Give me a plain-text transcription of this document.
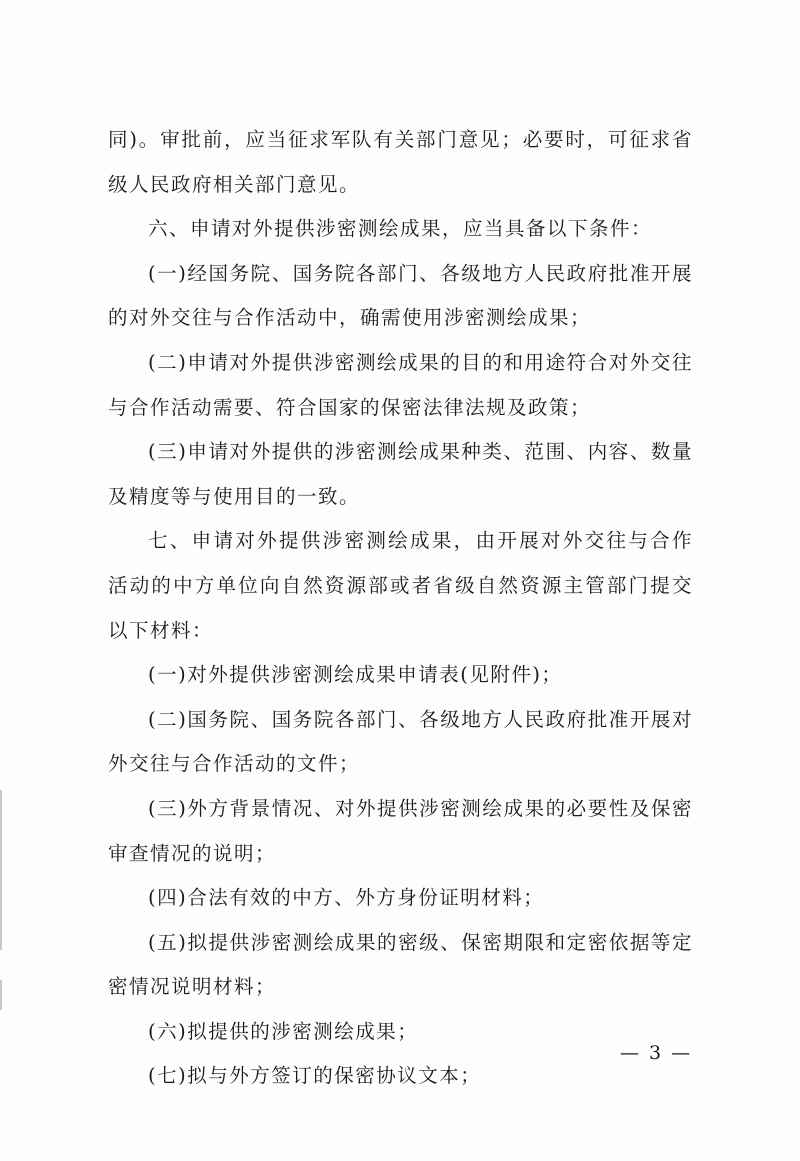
同)。审批前，应当征求军队有关部门意见；必要时，可征求省级人民政府相关部门意见。

六、申请对外提供涉密测绘成果，应当具备以下条件：

(一)经国务院、国务院各部门、各级地方人民政府批准开展的对外交往与合作活动中，确需使用涉密测绘成果；

(二)申请对外提供涉密测绘成果的目的和用途符合对外交往与合作活动需要、符合国家的保密法律法规及政策；

(三)申请对外提供的涉密测绘成果种类、范围、内容、数量及精度等与使用目的一致。

七、申请对外提供涉密测绘成果，由开展对外交往与合作活动的中方单位向自然资源部或者省级自然资源主管部门提交以下材料：

(一)对外提供涉密测绘成果申请表(见附件)；

(二)国务院、国务院各部门、各级地方人民政府批准开展对外交往与合作活动的文件；

(三)外方背景情况、对外提供涉密测绘成果的必要性及保密审查情况的说明；

(四)合法有效的中方、外方身份证明材料；

(五)拟提供涉密测绘成果的密级、保密期限和定密依据等定密情况说明材料；

(六)拟提供的涉密测绘成果；

(七)拟与外方签订的保密协议文本；

— 3 —
